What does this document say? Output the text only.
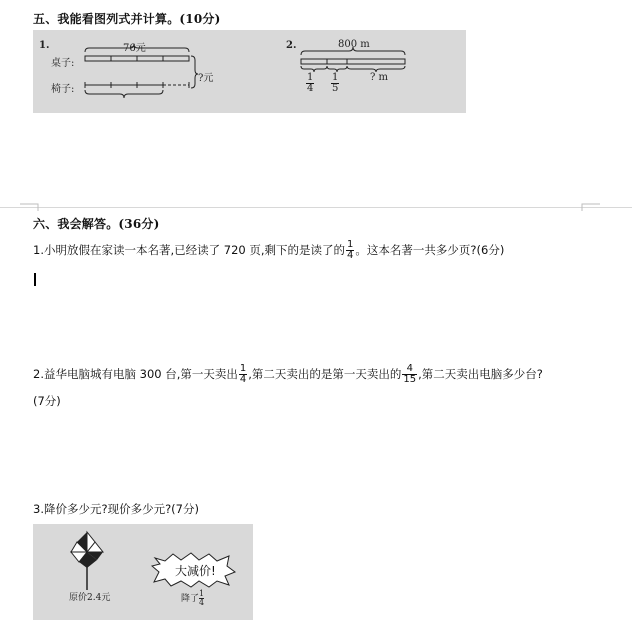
五、我能看图列式并计算。(10分)
1.	76元
桌子:
椅子:
?元
2.	800 m
$\frac{1}{4} \frac{1}{5}$	? m
六、我会解答。(36分)
1.小明放假在家读一本名著,已经读了 720 页,剩下的是读了的 $\frac{1}{4}$ 。这本名著一共多少页?(6分)
2.益华电脑城有电脑 300 台,第一天卖出 $\frac{1}{4}$ ,第二天卖出的是第一天卖出的 $\frac{4}{15}$ ,第二天卖出电脑多少台?
(7分)
3.降价多少元?现价多少元?(7分)
原价2.4元
大减价!
降了 $\frac{1}{4}$
